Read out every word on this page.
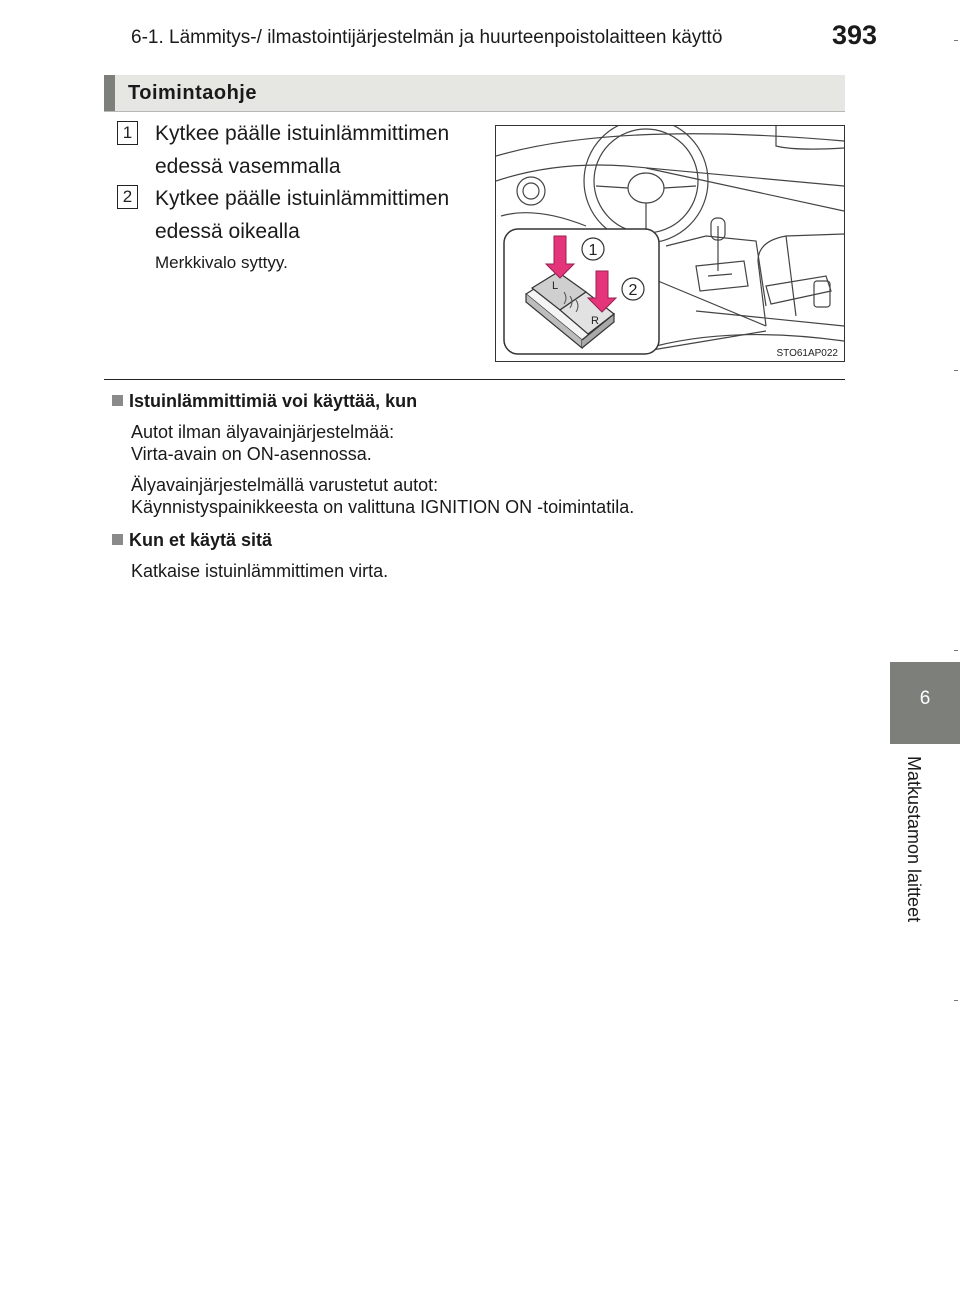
6-1. Lämmitys-/ ilmastointijärjestelmän ja huurteenpoistolaitteen käyttö	393
Toimintaohje
1 Kytkee päälle istuinlämmittimen edessä vasemmalla
2 Kytkee päälle istuinlämmittimen edessä oikealla
Merkkivalo syttyy.
L
R
1
2
STO61AP022
Istuinlämmittimiä voi käyttää, kun
Autot ilman älyavainjärjestelmää:
Virta-avain on ON-asennossa.
Älyavainjärjestelmällä varustetut autot:
Käynnistyspainikkeesta on valittuna IGNITION ON -toimintatila.
Kun et käytä sitä
Katkaise istuinlämmittimen virta.
6
Matkustamon laitteet
